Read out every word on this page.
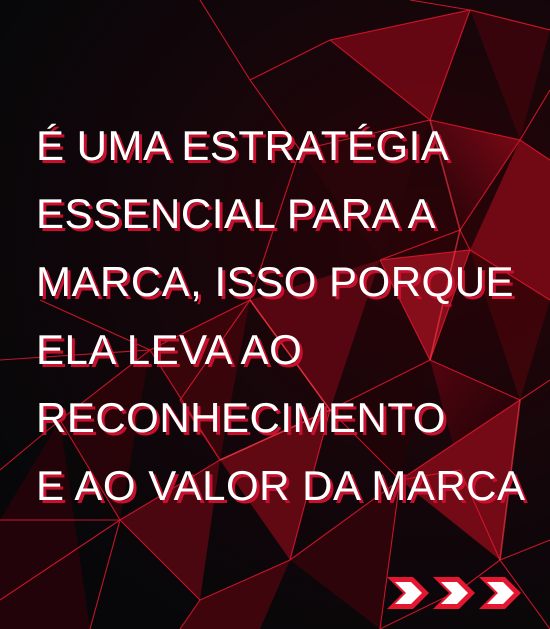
É UMA ESTRATÉGIA
ESSENCIAL PARA A
MARCA, ISSO PORQUE
ELA LEVA AO
RECONHECIMENTO
E AO VALOR DA MARCA
